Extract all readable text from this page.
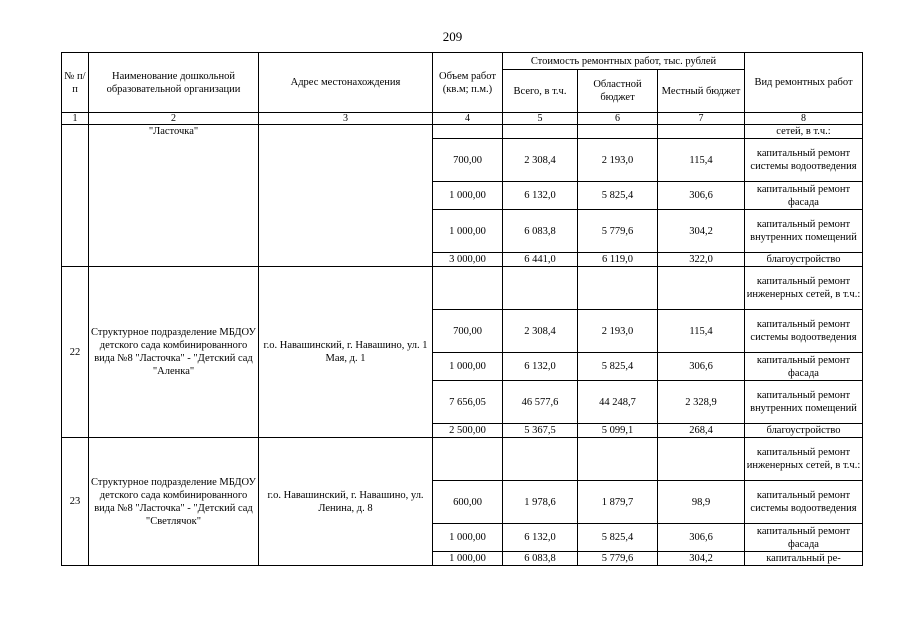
209
№ п/п	Наименование дошкольной образовательной организации	Адрес местонахождения	Объем работ (кв.м; п.м.)	Стоимость ремонтных работ, тыс. рублей			Вид ремонтных работ
				Всего, в т.ч.	Областной бюджет	Местный бюджет	
1	2	3	4	5	6	7	8
	"Ласточка"						сетей, в т.ч.:
			700,00	2 308,4	2 193,0	115,4	капитальный ремонт системы водоотведения
			1 000,00	6 132,0	5 825,4	306,6	капитальный ремонт фасада
			1 000,00	6 083,8	5 779,6	304,2	капитальный ремонт внутренних помещений
			3 000,00	6 441,0	6 119,0	322,0	благоустройство
22	Структурное подразделение МБДОУ детского сада комбинированного вида №8 "Ласточка" - "Детский сад "Аленка"	г.о. Навашинский, г. Навашино, ул. 1 Мая, д. 1					капитальный ремонт инженерных сетей, в т.ч.:
			700,00	2 308,4	2 193,0	115,4	капитальный ремонт системы водоотведения
			1 000,00	6 132,0	5 825,4	306,6	капитальный ремонт фасада
			7 656,05	46 577,6	44 248,7	2 328,9	капитальный ремонт внутренних помещений
			2 500,00	5 367,5	5 099,1	268,4	благоустройство
23	Структурное подразделение МБДОУ детского сада комбинированного вида №8 "Ласточка" - "Детский сад "Светлячок"	г.о. Навашинский, г. Навашино, ул. Ленина, д. 8					капитальный ремонт инженерных сетей, в т.ч.:
			600,00	1 978,6	1 879,7	98,9	капитальный ремонт системы водоотведения
			1 000,00	6 132,0	5 825,4	306,6	капитальный ремонт фасада
			1 000,00	6 083,8	5 779,6	304,2	капитальный ре-
